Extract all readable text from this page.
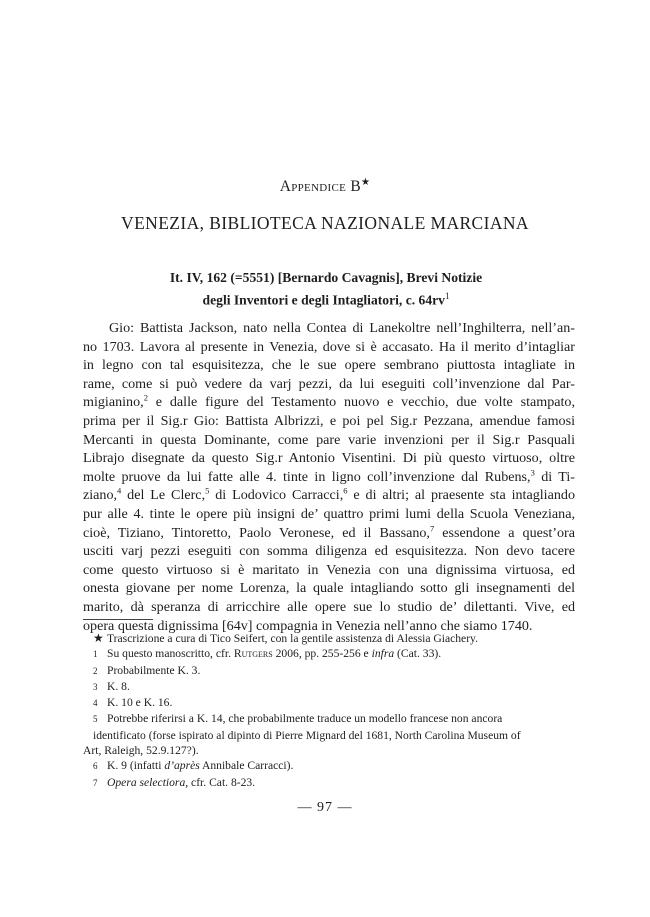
Appendice B★
VENEZIA, BIBLIOTECA NAZIONALE MARCIANA
It. IV, 162 (=5551) [Bernardo Cavagnis], Brevi Notizie
degli Inventori e degli Intagliatori, c. $64rv^1$
Gio: Battista Jackson, nato nella Contea di Lanekoltre nell’Inghilterra, nell’an-
no 1703. Lavora al presente in Venezia, dove si è accasato. Ha il merito d’intagliar
in legno con tal esquisitezza, che le sue opere sembrano piuttosta intagliate in
rame, come si può vedere da varj pezzi, da lui eseguiti coll’invenzione dal Par-
migianino,$^2$ e dalle figure del Testamento nuovo e vecchio, due volte stampato,
prima per il Sig.r Gio: Battista Albrizzi, e poi pel Sig.r Pezzana, amendue famosi
Mercanti in questa Dominante, come pare varie invenzioni per il Sig.r Pasquali
Librajo disegnate da questo Sig.r Antonio Visentini. Di più questo virtuoso, oltre
molte pruove da lui fatte alle 4. tinte in ligno coll’invenzione dal Rubens,$^3$ di Ti-
ziano,$^4$ del Le Clerc,$^5$ di Lodovico Carracci,$^6$ e di altri; al praesente sta intagliando
pur alle 4. tinte le opere più insigni de’ quattro primi lumi della Scuola Veneziana,
cioè, Tiziano, Tintoretto, Paolo Veronese, ed il Bassano,$^7$ essendone a quest’ora
usciti varj pezzi eseguiti con somma diligenza ed esquisitezza. Non devo tacere
come questo virtuoso si è maritato in Venezia con una dignissima virtuosa, ed
onesta giovane per nome Lorenza, la quale intagliando sotto gli insegnamenti del
marito, dà speranza di arricchire alle opere sue lo studio de’ dilettanti. Vive, ed
opera questa dignissima [64v] compagnia in Venezia nell’anno che siamo 1740.
★ Trascrizione a cura di Tico Seifert, con la gentile assistenza di Alessia Giachery.
1 Su questo manoscritto, cfr. Rutgers 2006, pp. 255-256 e infra (Cat. 33).
2 Probabilmente K. 3.
3 K. 8.
4 K. 10 e K. 16.
5 Potrebbe riferirsi a K. 14, che probabilmente traduce un modello francese non ancora
identificato (forse ispirato al dipinto di Pierre Mignard del 1681, North Carolina Museum of
Art, Raleigh, 52.9.127?).
6 K. 9 (infatti d’après Annibale Carracci).
7 Opera selectiora, cfr. Cat. 8-23.
— 97 —
